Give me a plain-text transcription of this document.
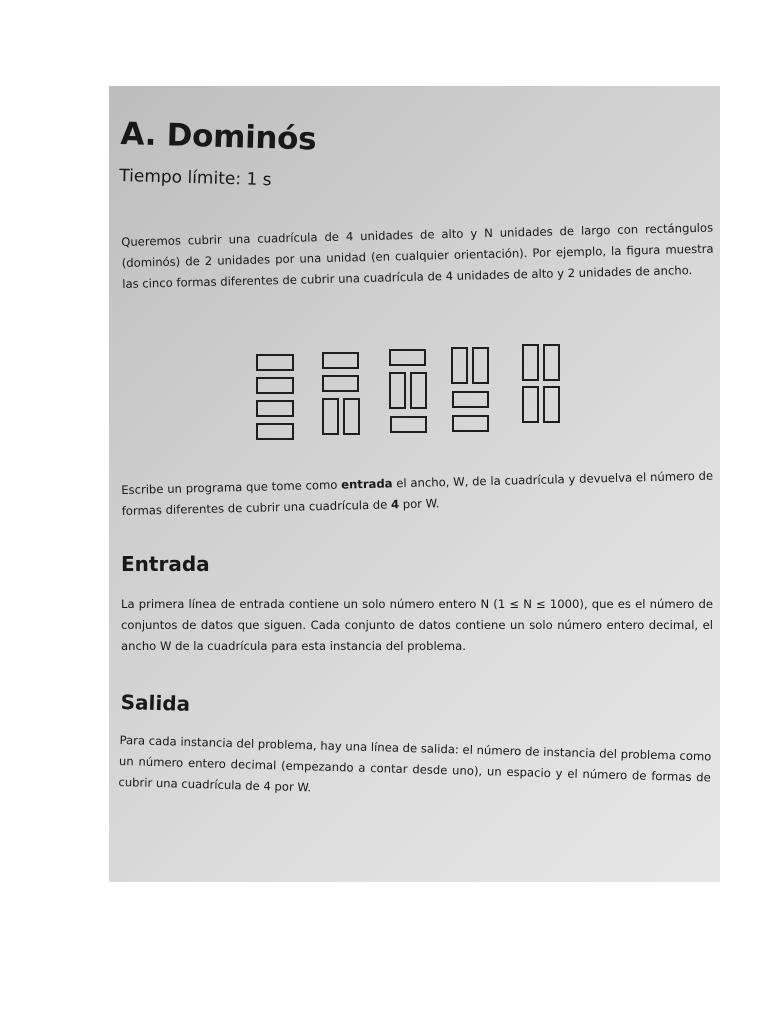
A. Dominós
Tiempo límite: 1 s
Queremos cubrir una cuadrícula de 4 unidades de alto y N unidades de largo con rectángulos (dominós) de 2 unidades por una unidad (en cualquier orientación). Por ejemplo, la figura muestra las cinco formas diferentes de cubrir una cuadrícula de 4 unidades de alto y 2 unidades de ancho.
Escribe un programa que tome como entrada el ancho, W, de la cuadrícula y devuelva el número de formas diferentes de cubrir una cuadrícula de 4 por W.
Entrada
La primera línea de entrada contiene un solo número entero N (1 ≤ N ≤ 1000), que es el número de conjuntos de datos que siguen. Cada conjunto de datos contiene un solo número entero decimal, el ancho W de la cuadrícula para esta instancia del problema.
Salida
Para cada instancia del problema, hay una línea de salida: el número de instancia del problema como un número entero decimal (empezando a contar desde uno), un espacio y el número de formas de cubrir una cuadrícula de 4 por W.
